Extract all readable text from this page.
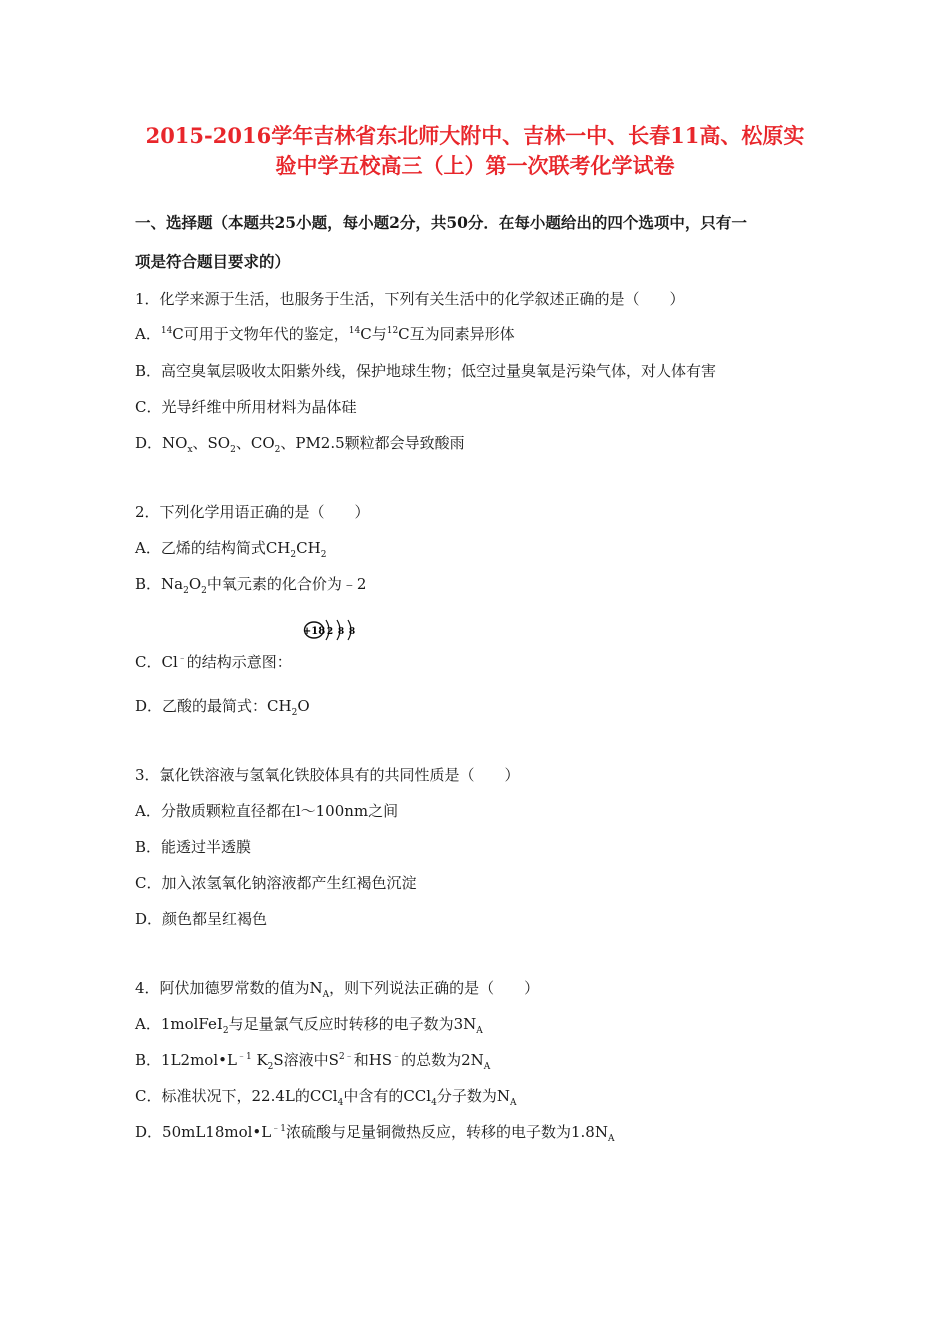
2015-2016学年吉林省东北师大附中、吉林一中、长春11高、松原实
验中学五校高三（上）第一次联考化学试卷
一、选择题（本题共25小题，每小题2分，共50分．在每小题给出的四个选项中，只有一
项是符合题目要求的）
1．化学来源于生活，也服务于生活，下列有关生活中的化学叙述正确的是（　　）
A．$^{14}$C可用于文物年代的鉴定，$^{14}$C与$^{12}$C互为同素异形体
B．高空臭氧层吸收太阳紫外线，保护地球生物；低空过量臭氧是污染气体，对人体有害
C．光导纤维中所用材料为晶体硅
D．$NO_x$、$SO_2$、$CO_2$、PM2.5颗粒都会导致酸雨
2．下列化学用语正确的是（　　）
A．乙烯的结构简式$CH_2CH_2$
B．$Na_2O_2$中氧元素的化合价为﹣2
+18 2 8 8
C．Cl﹣的结构示意图：
D．乙酸的最简式：$CH_2O$
3．氯化铁溶液与氢氧化铁胶体具有的共同性质是（　　）
A．分散质颗粒直径都在l～100nm之间
B．能透过半透膜
C．加入浓氢氧化钠溶液都产生红褐色沉淀
D．颜色都呈红褐色
4．阿伏加德罗常数的值为$N_A$，则下列说法正确的是（　　）
A．1molFeI$_2$与足量氯气反应时转移的电子数为$3N_A$
B．$1L2mol•L^{﹣1}$ $K_2S$溶液中$S^{2﹣}$和HS﹣的总数为$2N_A$
C．标准状况下，22.4L的CCl$_4$中含有的CCl$_4$分子数为$N_A$
D．$50mL18mol•L^{﹣1}$浓硫酸与足量铜微热反应，转移的电子数为$1.8N_A$
